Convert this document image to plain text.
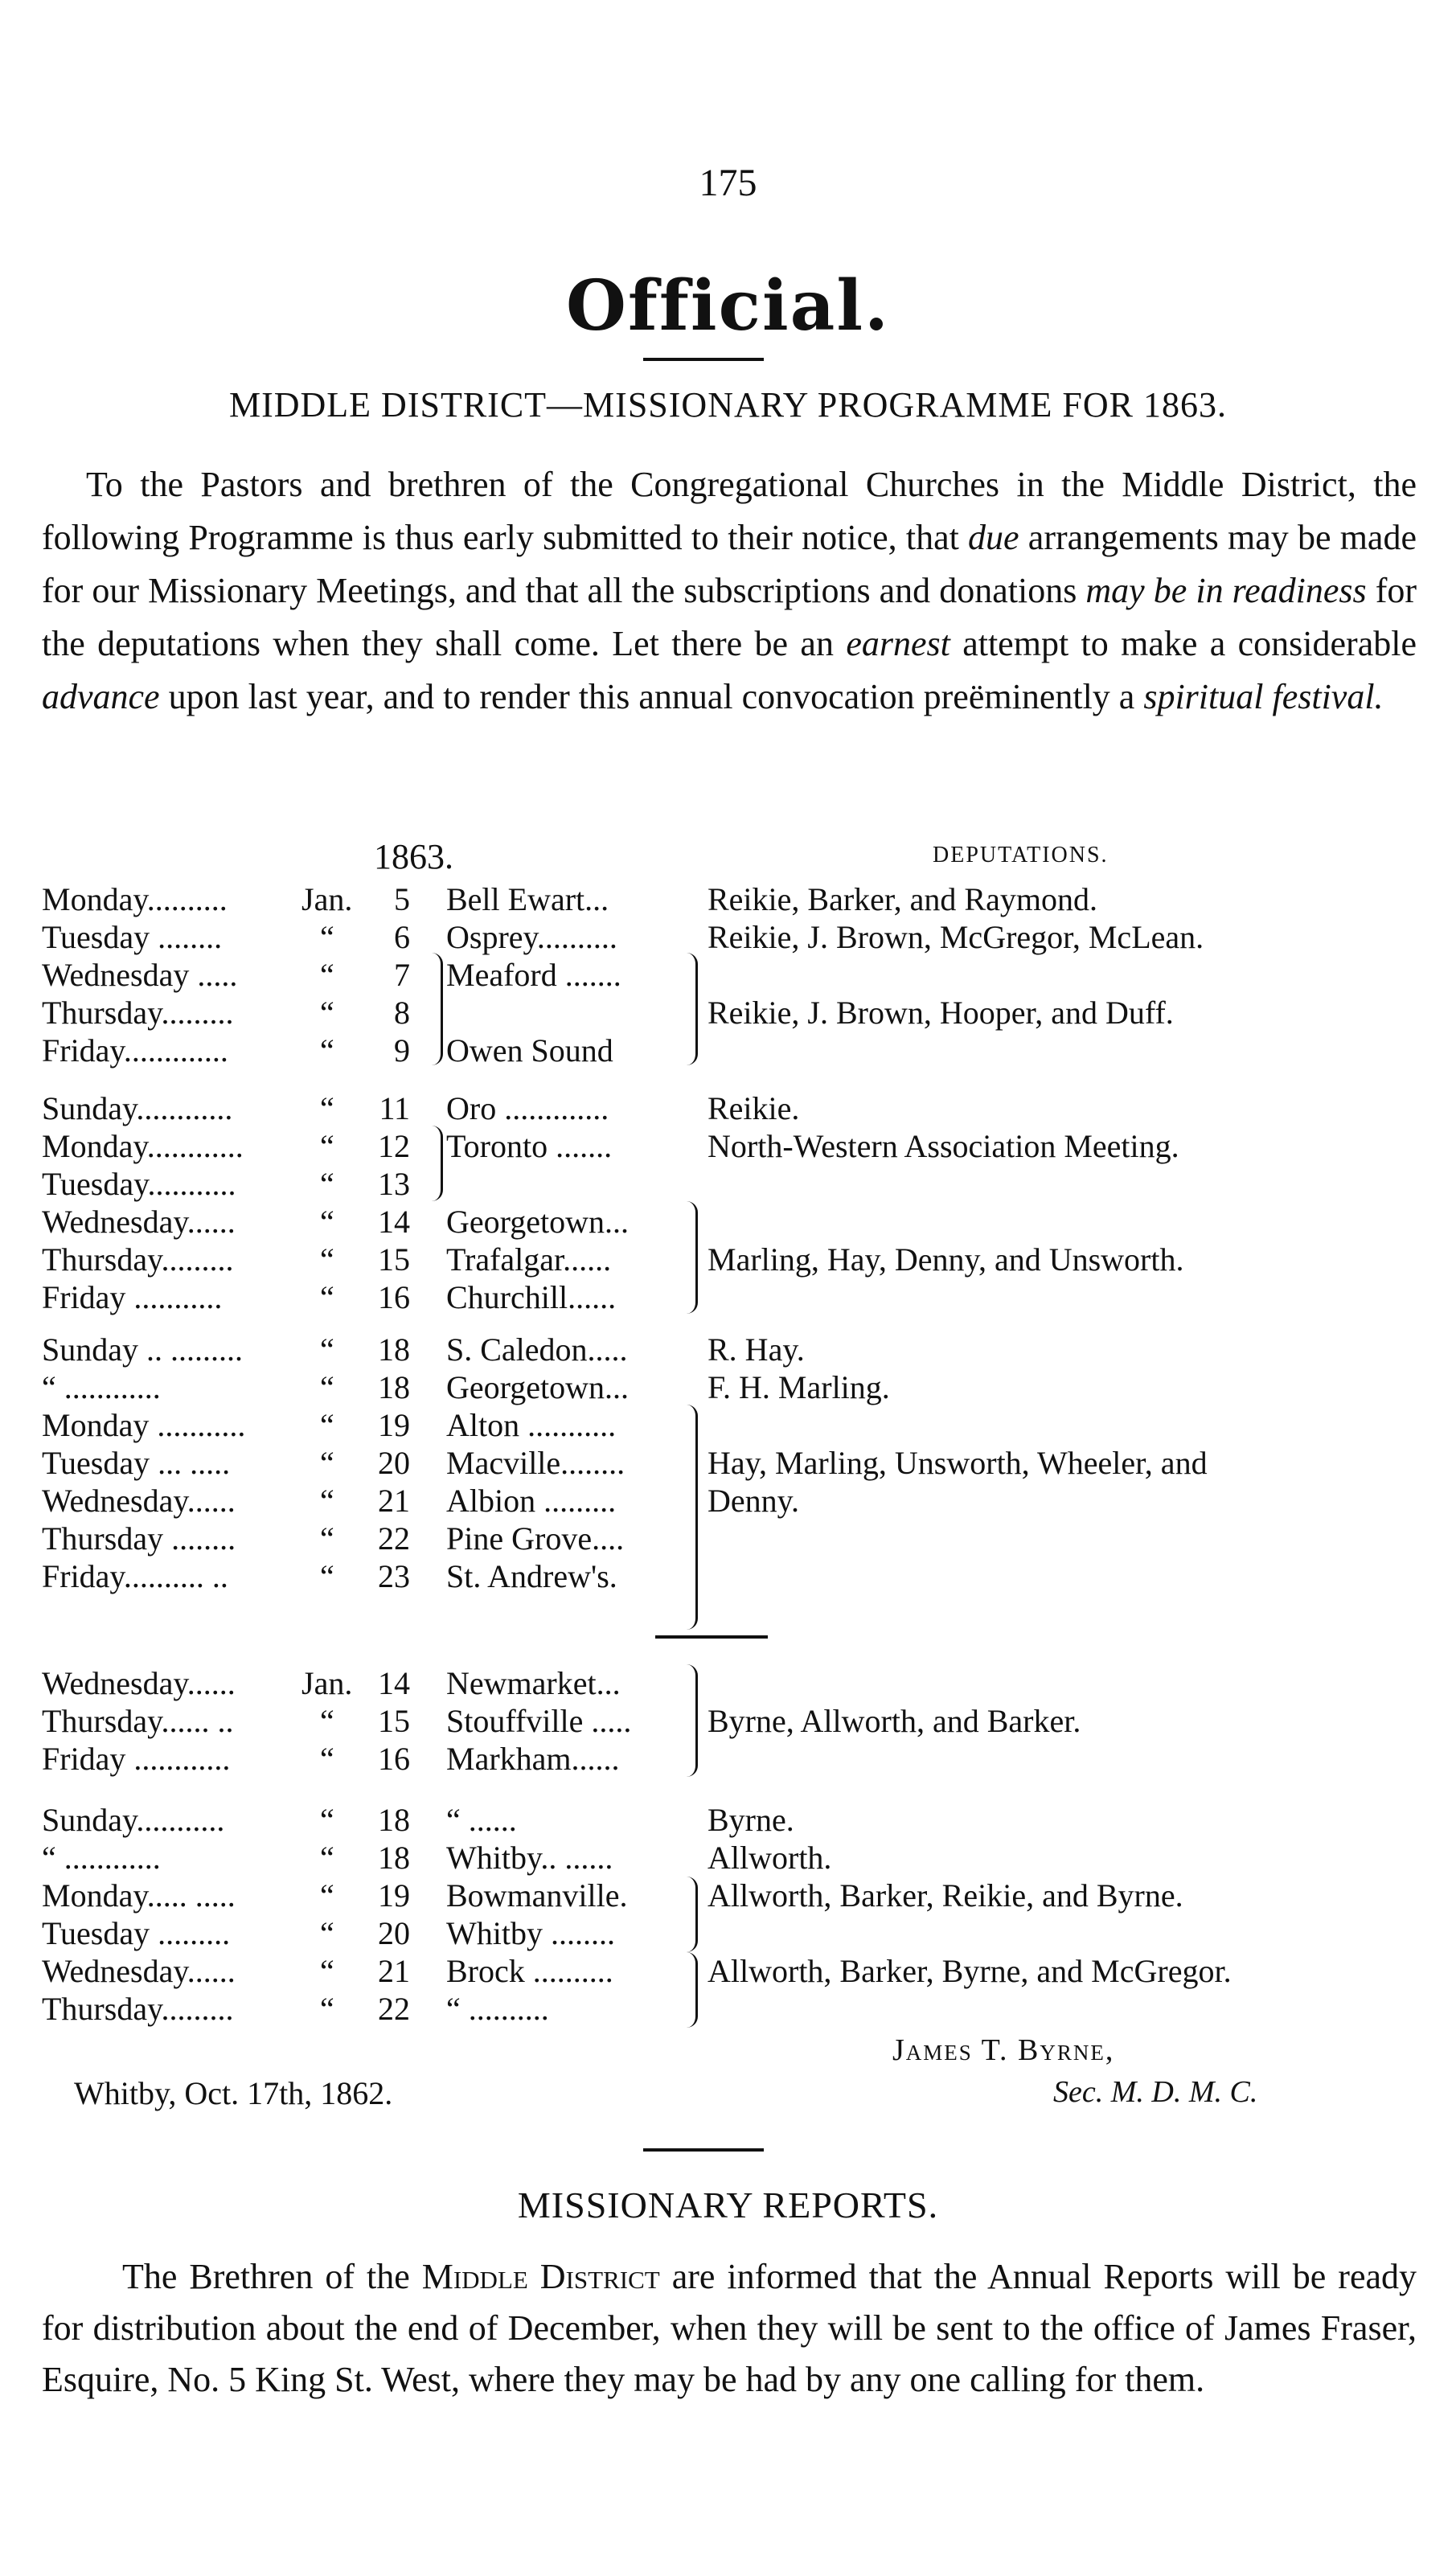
175
Official.
MIDDLE DISTRICT—MISSIONARY PROGRAMME FOR 1863.

To the Pastors and brethren of the Congregational Churches in the Middle District, the following Programme is thus early submitted to their notice, that due arrangements may be made for our Missionary Meetings, and that all the subscriptions and donations may be in readiness for the deputations when they shall come. Let there be an earnest attempt to make a considerable advance upon last year, and to render this annual convocation preëminently a spiritual festival.

1863.	DEPUTATIONS.
Monday..........	Jan.	5 Bell Ewart...	Reikie, Barker, and Raymond.
Tuesday ........	“	6 Osprey..........	Reikie, J. Brown, McGregor, McLean.
Wednesday .....	“	7 Meaford .......
Thursday.........	“	8	Reikie, J. Brown, Hooper, and Duff.
Friday.............	“	9 Owen Sound
Sunday............	“	11 Oro .............	Reikie.
Monday............	“	12 Toronto .......	North-Western Association Meeting.
Tuesday...........	“	13
Wednesday......	“	14 Georgetown...
Thursday.........	“	15 Trafalgar......	Marling, Hay, Denny, and Unsworth.
Friday ...........	“	16 Churchill......
Sunday .. .........	“	18 S. Caledon.....	R. Hay.
“ ............	“	18 Georgetown...	F. H. Marling.
Monday ...........	“	19 Alton ...........
Tuesday ... .....	“	20 Macville........	Hay, Marling, Unsworth, Wheeler, and
Wednesday......	“	21 Albion .........	Denny.
Thursday ........	“	22 Pine Grove....
Friday.......... ..	“	23 St. Andrew's.
Wednesday......	Jan. 14 Newmarket...
Thursday...... ..	“	15 Stouffville .....	Byrne, Allworth, and Barker.
Friday ............	“	16 Markham......
Sunday...........	“	18 “ ......	Byrne.
“ ............	“	18 Whitby.. ......	Allworth.
Monday..... .....	“	19 Bowmanville.	Allworth, Barker, Reikie, and Byrne.
Tuesday .........	“	20 Whitby ........
Wednesday......	“	21 Brock ..........	Allworth, Barker, Byrne, and McGregor.
Thursday.........	“	22 “ ..........
James T. Byrne,
Whitby, Oct. 17th, 1862.	Sec. M. D. M. C.
MISSIONARY REPORTS.

The Brethren of the Middle District are informed that the Annual Reports will be ready for distribution about the end of December, when they will be sent to the office of James Fraser, Esquire, No. 5 King St. West, where they may be had by any one calling for them.
